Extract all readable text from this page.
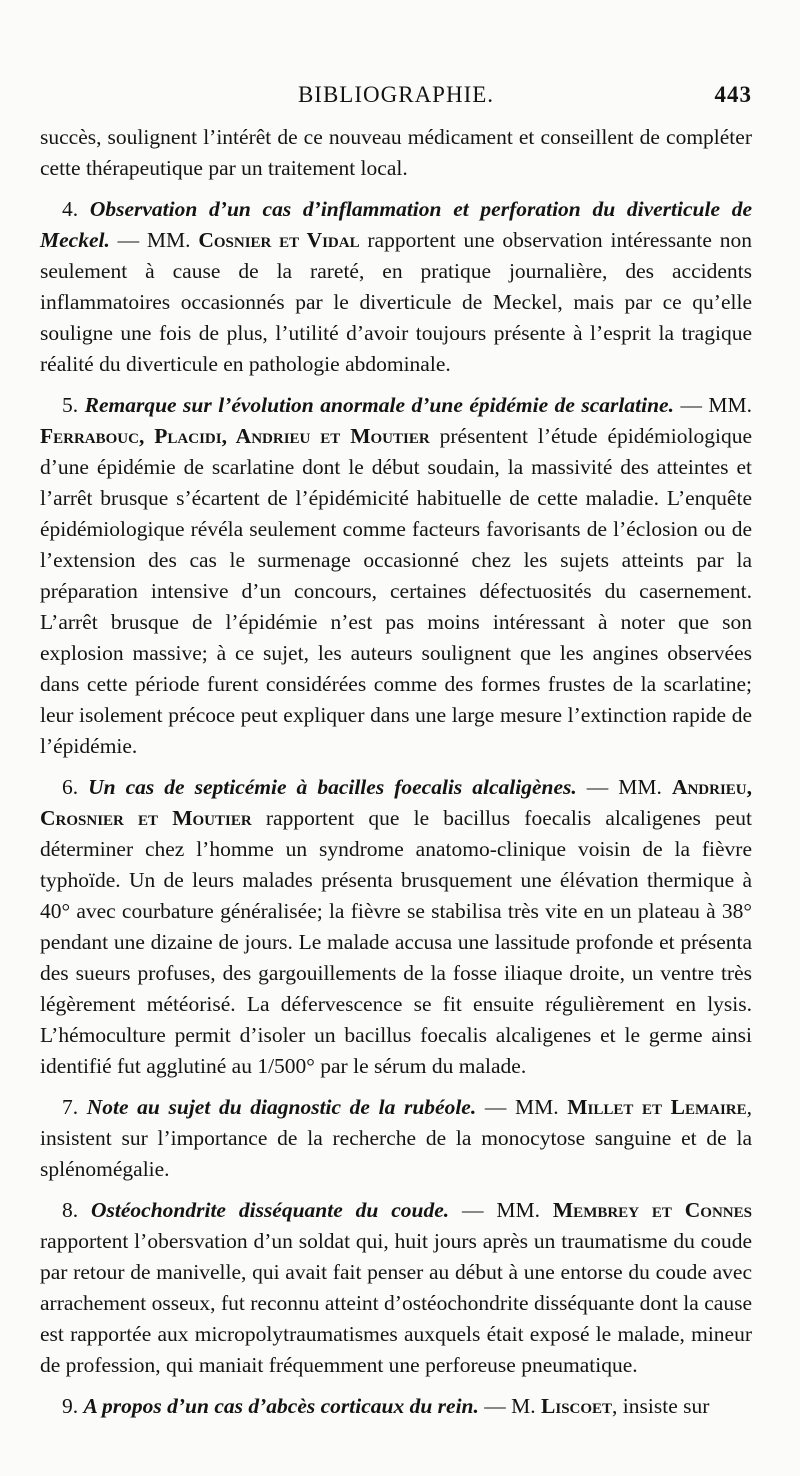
BIBLIOGRAPHIE.	443

succès, soulignent l’intérêt de ce nouveau médicament et conseillent de compléter cette thérapeutique par un traitement local.

4. Observation d’un cas d’inflammation et perforation du diverticule de Meckel. — MM. Cosnier et Vidal rapportent une observation intéressante non seulement à cause de la rareté, en pratique journalière, des accidents inflammatoires occasionnés par le diverticule de Meckel, mais par ce qu’elle souligne une fois de plus, l’utilité d’avoir toujours présente à l’esprit la tragique réalité du diverticule en pathologie abdominale.

5. Remarque sur l’évolution anormale d’une épidémie de scarlatine. — MM. Ferrabouc, Placidi, Andrieu et Moutier présentent l’étude épidémiologique d’une épidémie de scarlatine dont le début soudain, la massivité des atteintes et l’arrêt brusque s’écartent de l’épidémicité habituelle de cette maladie. L’enquête épidémiologique révéla seulement comme facteurs favorisants de l’éclosion ou de l’extension des cas le surmenage occasionné chez les sujets atteints par la préparation intensive d’un concours, certaines défectuosités du casernement. L’arrêt brusque de l’épidémie n’est pas moins intéressant à noter que son explosion massive; à ce sujet, les auteurs soulignent que les angines observées dans cette période furent considérées comme des formes frustes de la scarlatine; leur isolement précoce peut expliquer dans une large mesure l’extinction rapide de l’épidémie.

6. Un cas de septicémie à bacilles foecalis alcaligènes. — MM. Andrieu, Crosnier et Moutier rapportent que le bacillus foecalis alcaligenes peut déterminer chez l’homme un syndrome anatomo-clinique voisin de la fièvre typhoïde. Un de leurs malades présenta brusquement une élévation thermique à 40° avec courbature généralisée; la fièvre se stabilisa très vite en un plateau à 38° pendant une dizaine de jours. Le malade accusa une lassitude profonde et présenta des sueurs profuses, des gargouillements de la fosse iliaque droite, un ventre très légèrement météorisé. La défervescence se fit ensuite régulièrement en lysis. L’hémoculture permit d’isoler un bacillus foecalis alcaligenes et le germe ainsi identifié fut agglutiné au 1/500° par le sérum du malade.

7. Note au sujet du diagnostic de la rubéole. — MM. Millet et Lemaire, insistent sur l’importance de la recherche de la monocytose sanguine et de la splénomégalie.

8. Ostéochondrite disséquante du coude. — MM. Membrey et Connes rapportent l’obersvation d’un soldat qui, huit jours après un traumatisme du coude par retour de manivelle, qui avait fait penser au début à une entorse du coude avec arrachement osseux, fut reconnu atteint d’ostéochondrite disséquante dont la cause est rapportée aux micropolytraumatismes auxquels était exposé le malade, mineur de profession, qui maniait fréquemment une perforeuse pneumatique.

9. A propos d’un cas d’abcès corticaux du rein. — M. Liscoet, insiste sur
